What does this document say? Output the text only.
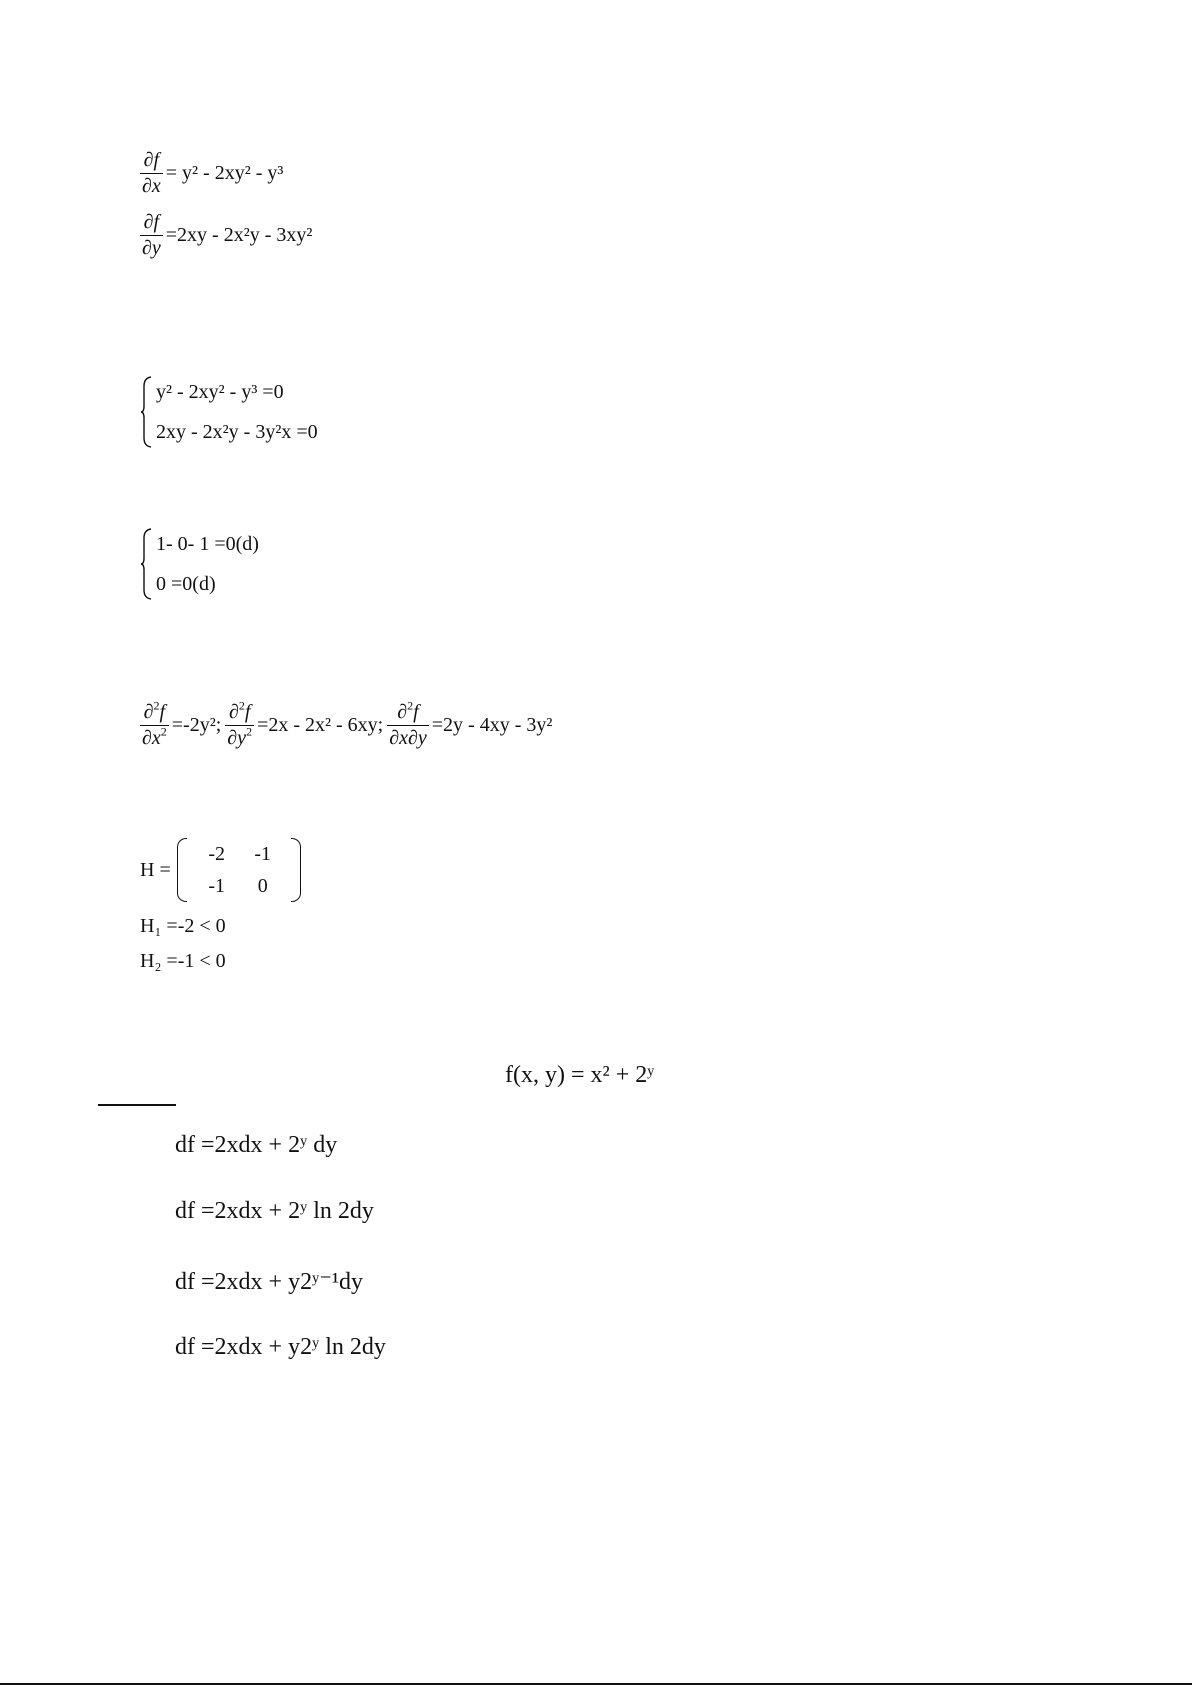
$\frac{\partial f}{\partial x} = y^2 - 2xy^2 - y^3$
$\frac{\partial f}{\partial y} =2xy - 2x^2y - 3xy^2$
y² - 2xy² - y³ =0
2xy - 2x²y - 3y²x =0
1- 0- 1 =0(d)
0 =0(d)
$\frac{\partial^2f}{\partial x^2} =-2y^2$; $\frac{\partial^2f}{\partial y^2} =2x - 2x^2 - 6xy$; $\frac{\partial^2f}{\partial x\partial y} =2y - 4xy - 3y^2$
H =
-2	-1
-1	0
H₁ =-2 < 0
H₂ =-1 < 0
f(x, y) = x² + 2ʸ
df =2xdx + 2ʸ dy
df =2xdx + 2ʸ ln 2dy
df =2xdx + y2ʸ⁻¹dy
df =2xdx + y2ʸ ln 2dy
